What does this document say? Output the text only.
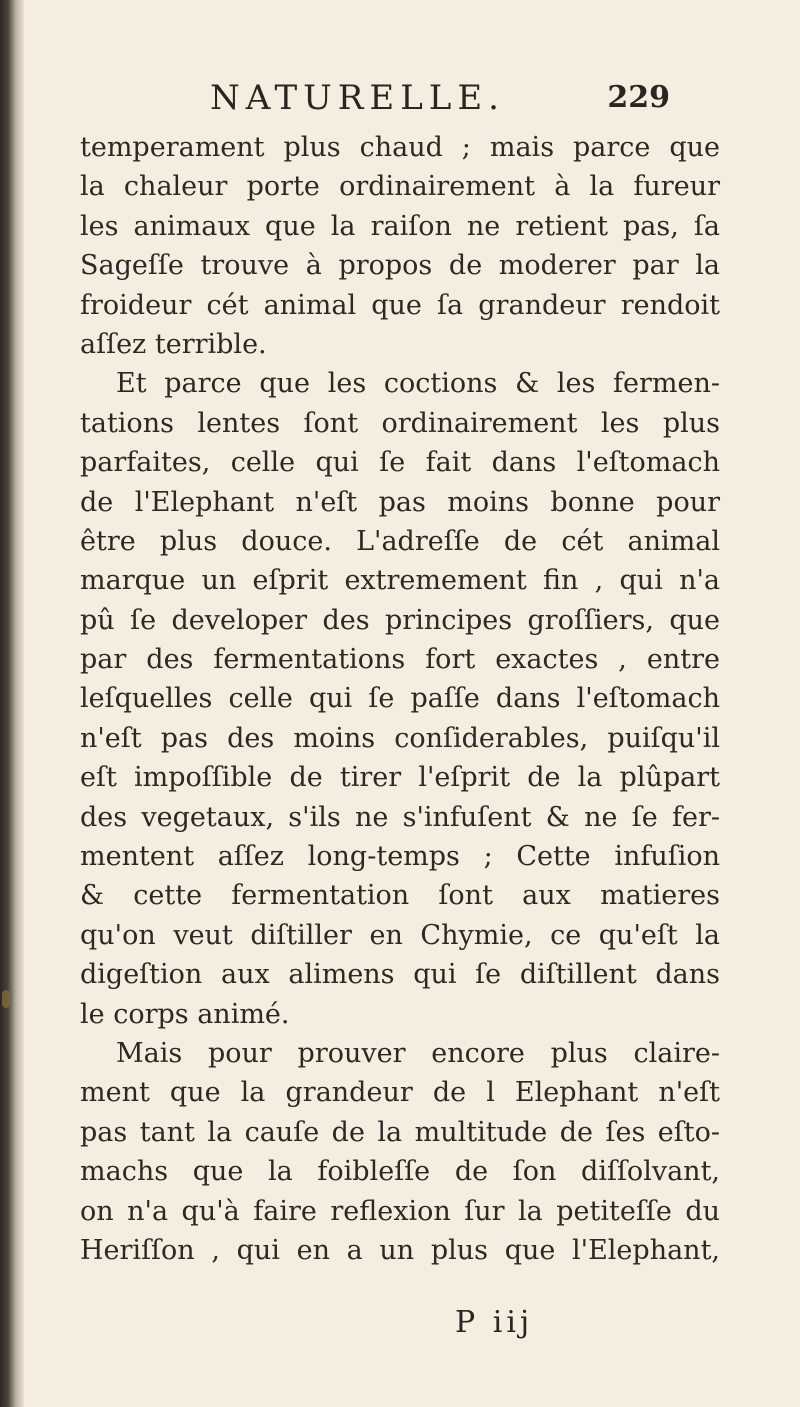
NATURELLE.	229
temperament plus chaud ; mais parce que
la chaleur porte ordinairement à la fureur
les animaux que la raiſon ne retient pas, ſa
Sageſſe trouve à propos de moderer par la
froideur cét animal que ſa grandeur rendoit
aſſez terrible.
Et parce que les coctions & les fermen-
tations lentes ſont ordinairement les plus
parfaites, celle qui ſe fait dans l'eſtomach
de l'Elephant n'eſt pas moins bonne pour
être plus douce. L'adreſſe de cét animal
marque un eſprit extremement fin , qui n'a
pû ſe developer des principes groſſiers, que
par des fermentations fort exactes , entre
leſquelles celle qui ſe paſſe dans l'eſtomach
n'eſt pas des moins conſiderables, puiſqu'il
eſt impoſſible de tirer l'eſprit de la plûpart
des vegetaux, s'ils ne s'infuſent & ne ſe fer-
mentent aſſez long-temps ; Cette infuſion
& cette fermentation ſont aux matieres
qu'on veut diſtiller en Chymie, ce qu'eſt la
digeſtion aux alimens qui ſe diſtillent dans
le corps animé.
Mais pour prouver encore plus claire-
ment que la grandeur de l Elephant n'eſt
pas tant la cauſe de la multitude de ſes eſto-
machs que la foibleſſe de ſon diſſolvant,
on n'a qu'à faire reflexion ſur la petiteſſe du
Heriſſon , qui en a un plus que l'Elephant,
P iij
